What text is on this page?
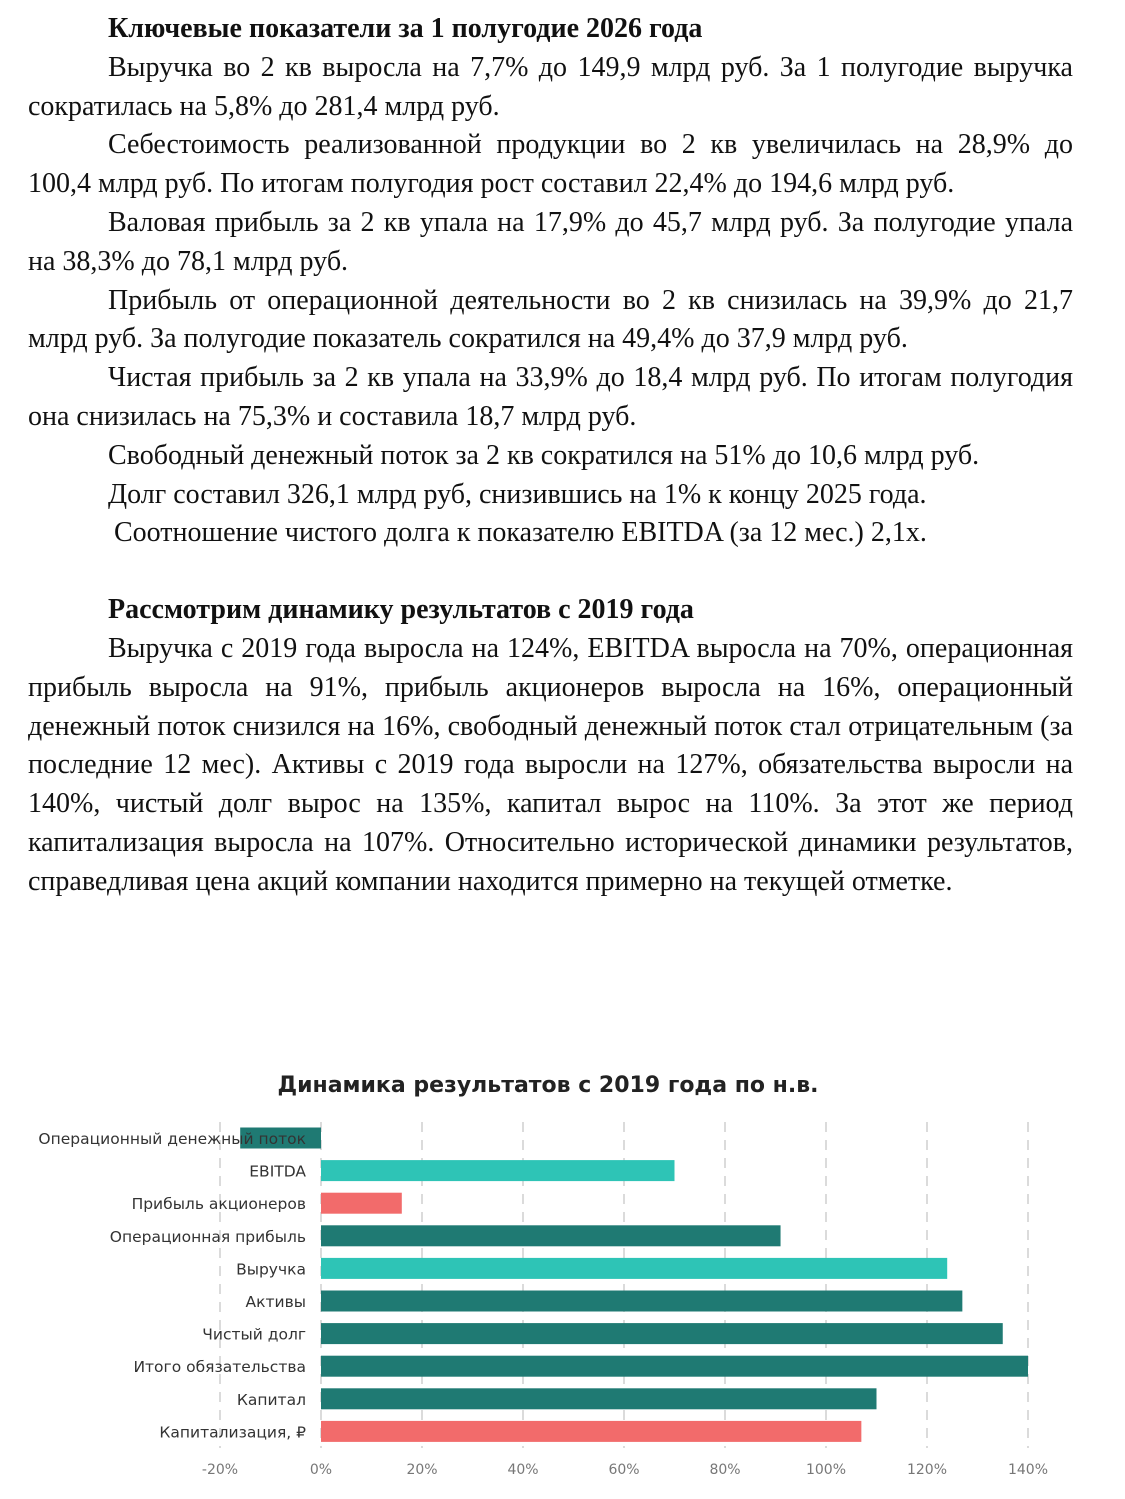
Ключевые показатели за 1 полугодие 2026 года

Выручка во 2 кв выросла на 7,7% до 149,9 млрд руб. За 1 полугодие выручка сократилась на 5,8% до 281,4 млрд руб.

Себестоимость реализованной продукции во 2 кв увеличилась на 28,9% до 100,4 млрд руб. По итогам полугодия рост составил 22,4% до 194,6 млрд руб.

Валовая прибыль за 2 кв упала на 17,9% до 45,7 млрд руб. За полугодие упала на 38,3% до 78,1 млрд руб.

Прибыль от операционной деятельности во 2 кв снизилась на 39,9% до 21,7 млрд руб. За полугодие показатель сократился на 49,4% до 37,9 млрд руб.

Чистая прибыль за 2 кв упала на 33,9% до 18,4 млрд руб. По итогам полугодия она снизилась на 75,3% и составила 18,7 млрд руб.

Свободный денежный поток за 2 кв сократился на 51% до 10,6 млрд руб.

Долг составил 326,1 млрд руб, снизившись на 1% к концу 2025 года.

Соотношение чистого долга к показателю EBITDA (за 12 мес.) 2,1х.

Рассмотрим динамику результатов с 2019 года

Выручка с 2019 года выросла на 124%, EBITDA выросла на 70%, операционная прибыль выросла на 91%, прибыль акционеров выросла на 16%, операционный денежный поток снизился на 16%, свободный денежный поток стал отрицательным (за последние 12 мес). Активы с 2019 года выросли на 127%, обязательства выросли на 140%, чистый долг вырос на 135%, капитал вырос на 110%. За этот же период капитализация выросла на 107%. Относительно исторической динамики результатов, справедливая цена акций компании находится примерно на текущей отметке.

Динамика результатов с 2019 года по н.в.
Операционный денежный поток
EBITDA
Прибыль акционеров
Операционная прибыль
Выручка
Активы
Чистый долг
Итого обязательства
Капитал
Капитализация, ₽
-20%	0%	20%	40%	60%	80%	100%	120%	140%
